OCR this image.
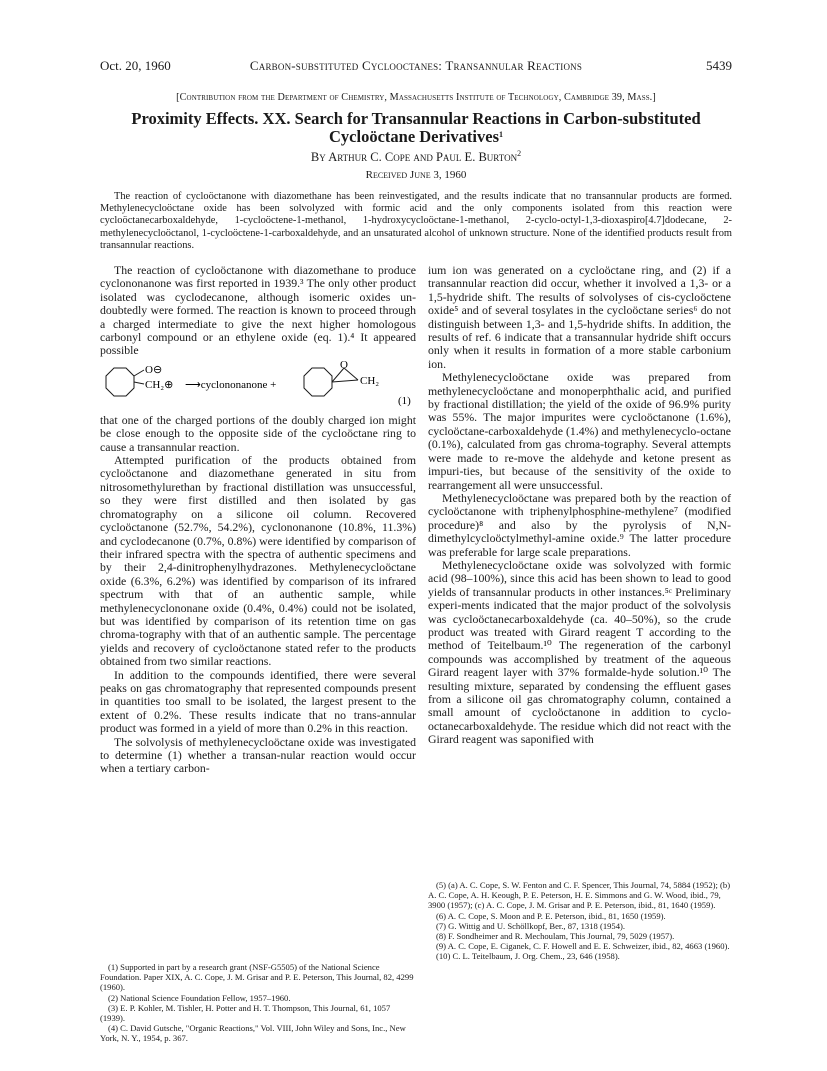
Oct. 20, 1960	Carbon-substituted Cyclooctanes: Transannular Reactions	5439
[Contribution from the Department of Chemistry, Massachusetts Institute of Technology, Cambridge 39, Mass.]
Proximity Effects. XX. Search for Transannular Reactions in Carbon-substituted
Cycloöctane Derivatives$^1$
By Arthur C. Cope and Paul E. Burton$^2$
Received June 3, 1960
The reaction of cycloöctanone with diazomethane has been reinvestigated, and the results indicate that no transannular products are formed. Methylenecycloöctane oxide has been solvolyzed with formic acid and the only components isolated from this reaction were cycloöctanecarboxaldehyde, 1-cycloöctene-1-methanol, 1-hydroxycycloöctane-1-methanol, 2-cyclo-octyl-1,3-dioxaspiro[4.7]dodecane, 2-methylenecycloöctanol, 1-cycloöctene-1-carboxaldehyde, and an unsaturated alcohol of unknown structure. None of the identified products result from transannular reactions.

The reaction of cycloöctanone with diazomethane to produce cyclononanone was first reported in 1939.³ The only other product isolated was cyclodecanone, although isomeric oxides un-doubtedly were formed. The reaction is known to proceed through a charged intermediate to give the next higher homologous carbonyl compound or an ethylene oxide (eq. 1).⁴ It appeared possible

O⊖
CH₂⊕ ⟶cyclononanone +
O
CH₂
(1)

that one of the charged portions of the doubly charged ion might be close enough to the opposite side of the cycloöctane ring to cause a transannular reaction.

Attempted purification of the products obtained from cycloöctanone and diazomethane generated in situ from nitrosomethylurethan by fractional distillation was unsuccessful, so they were first distilled and then isolated by gas chromatography on a silicone oil column. Recovered cycloöctanone (52.7%, 54.2%), cyclononanone (10.8%, 11.3%) and cyclodecanone (0.7%, 0.8%) were identified by comparison of their infrared spectra with the spectra of authentic specimens and by their 2,4-dinitrophenylhydrazones. Methylenecycloöctane oxide (6.3%, 6.2%) was identified by comparison of its infrared spectrum with that of an authentic sample, while methylenecyclononane oxide (0.4%, 0.4%) could not be isolated, but was identified by comparison of its retention time on gas chroma-tography with that of an authentic sample. The percentage yields and recovery of cycloöctanone stated refer to the products obtained from two similar reactions.

In addition to the compounds identified, there were several peaks on gas chromatography that represented compounds present in quantities too small to be isolated, the largest present to the extent of 0.2%. These results indicate that no trans-annular product was formed in a yield of more than 0.2% in this reaction.

The solvolysis of methylenecycloöctane oxide was investigated to determine (1) whether a transan-nular reaction would occur when a tertiary carbon-

ium ion was generated on a cycloöctane ring, and (2) if a transannular reaction did occur, whether it involved a 1,3- or a 1,5-hydride shift. The results of solvolyses of cis-cycloöctene oxide⁵ and of several tosylates in the cycloöctane series⁶ do not distinguish between 1,3- and 1,5-hydride shifts. In addition, the results of ref. 6 indicate that a transannular hydride shift occurs only when it results in formation of a more stable carbonium ion.

Methylenecycloöctane oxide was prepared from methylenecycloöctane and monoperphthalic acid, and purified by fractional distillation; the yield of the oxide of 96.9% purity was 55%. The major impurites were cycloöctanone (1.6%), cycloöctane-carboxaldehyde (1.4%) and methylenecyclo-octane (0.1%), calculated from gas chroma-tography. Several attempts were made to re-move the aldehyde and ketone present as impuri-ties, but because of the sensitivity of the oxide to rearrangement all were unsuccessful.

Methylenecycloöctane was prepared both by the reaction of cycloöctanone with triphenylphosphine-methylene⁷ (modified procedure)⁸ and also by the pyrolysis of N,N-dimethylcycloöctylmethyl-amine oxide.⁹ The latter procedure was preferable for large scale preparations.

Methylenecycloöctane oxide was solvolyzed with formic acid (98–100%), since this acid has been shown to lead to good yields of transannular products in other instances.⁵ᶜ Preliminary experi-ments indicated that the major product of the solvolysis was cycloöctanecarboxaldehyde (ca. 40–50%), so the crude product was treated with Girard reagent T according to the method of Teitelbaum.¹⁰ The regeneration of the carbonyl compounds was accomplished by treatment of the aqueous Girard reagent layer with 37% formalde-hyde solution.¹⁰ The resulting mixture, separated by condensing the effluent gases from a silicone oil gas chromatography column, contained a small amount of cycloöctanone in addition to cyclo-octanecarboxaldehyde. The residue which did not react with the Girard reagent was saponified with

(1) Supported in part by a research grant (NSF-G5505) of the National Science Foundation. Paper XIX, A. C. Cope, J. M. Grisar and P. E. Peterson, This Journal, 82, 4299 (1960).
(2) National Science Foundation Fellow, 1957–1960.
(3) E. P. Kohler, M. Tishler, H. Potter and H. T. Thompson, This Journal, 61, 1057 (1939).
(4) C. David Gutsche, "Organic Reactions," Vol. VIII, John Wiley and Sons, Inc., New York, N. Y., 1954, p. 367.
(5) (a) A. C. Cope, S. W. Fenton and C. F. Spencer, This Journal, 74, 5884 (1952); (b) A. C. Cope, A. H. Keough, P. E. Peterson, H. E. Simmons and G. W. Wood, ibid., 79, 3900 (1957); (c) A. C. Cope, J. M. Grisar and P. E. Peterson, ibid., 81, 1640 (1959).
(6) A. C. Cope, S. Moon and P. E. Peterson, ibid., 81, 1650 (1959).
(7) G. Wittig and U. Schöllkopf, Ber., 87, 1318 (1954).
(8) F. Sondheimer and R. Mechoulam, This Journal, 79, 5029 (1957).
(9) A. C. Cope, E. Ciganek, C. F. Howell and E. E. Schweizer, ibid., 82, 4663 (1960).
(10) C. L. Teitelbaum, J. Org. Chem., 23, 646 (1958).
